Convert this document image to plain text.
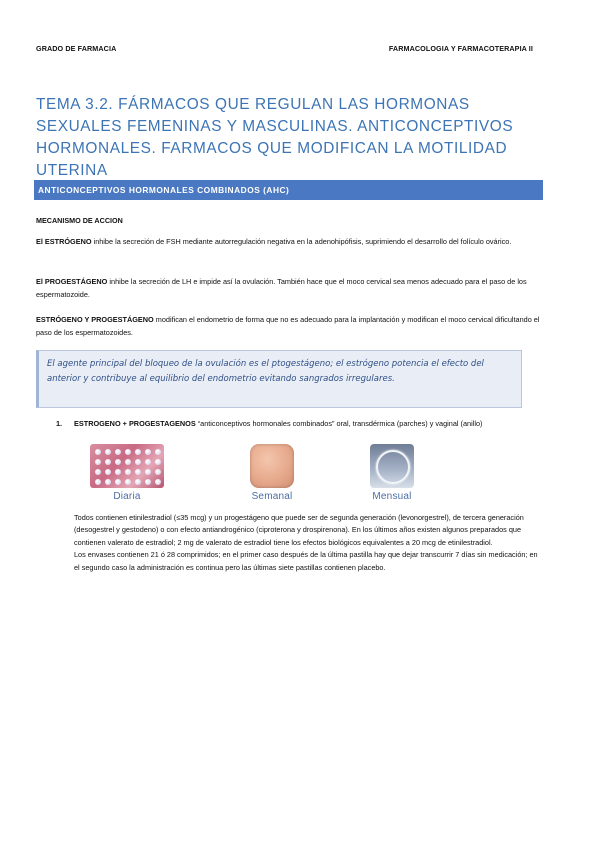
GRADO DE FARMACIA	FARMACOLOGIA Y FARMACOTERAPIA II
TEMA 3.2. FÁRMACOS QUE REGULAN LAS HORMONAS SEXUALES FEMENINAS Y MASCULINAS. ANTICONCEPTIVOS HORMONALES. FARMACOS QUE MODIFICAN LA MOTILIDAD UTERINA
ANTICONCEPTIVOS HORMONALES COMBINADOS (AHC)
MECANISMO DE ACCION
El ESTRÓGENO inhibe la secreción de FSH mediante autorregulación negativa en la adenohipófisis, suprimiendo el desarrollo del folículo ovárico.
El PROGESTÁGENO inhibe la secreción de LH e impide así la ovulación. También hace que el moco cervical sea menos adecuado para el paso de los espermatozoide.
ESTRÓGENO Y PROGESTÁGENO modifican el endometrio de forma que no es adecuado para la implantación y modifican el moco cervical dificultando el paso de los espermatozoides.
El agente principal del bloqueo de la ovulación es el ptogestágeno; el estrógeno potencia el efecto del anterior y contribuye al equilibrio del endometrio evitando sangrados irregulares.
1. ESTROGENO + PROGESTAGENOS “anticonceptivos hormonales combinados” oral, transdérmica (parches) y vaginal (anillo)
Diaria	Semanal	Mensual

Todos contienen etinilestradiol (≤35 mcg) y un progestágeno que puede ser de segunda generación (levonorgestrel), de tercera generación (desogestrel y gestodeno) o con efecto antiandrogénico (ciproterona y drospirenona). En los últimos años existen algunos preparados que contienen valerato de estradiol; 2 mg de valerato de estradiol tiene los efectos biológicos equivalentes a 20 mcg de etinilestradiol.

Los envases contienen 21 ó 28 comprimidos; en el primer caso después de la última pastilla hay que dejar transcurrir 7 días sin medicación; en el segundo caso la administración es continua pero las últimas siete pastillas contienen placebo.
